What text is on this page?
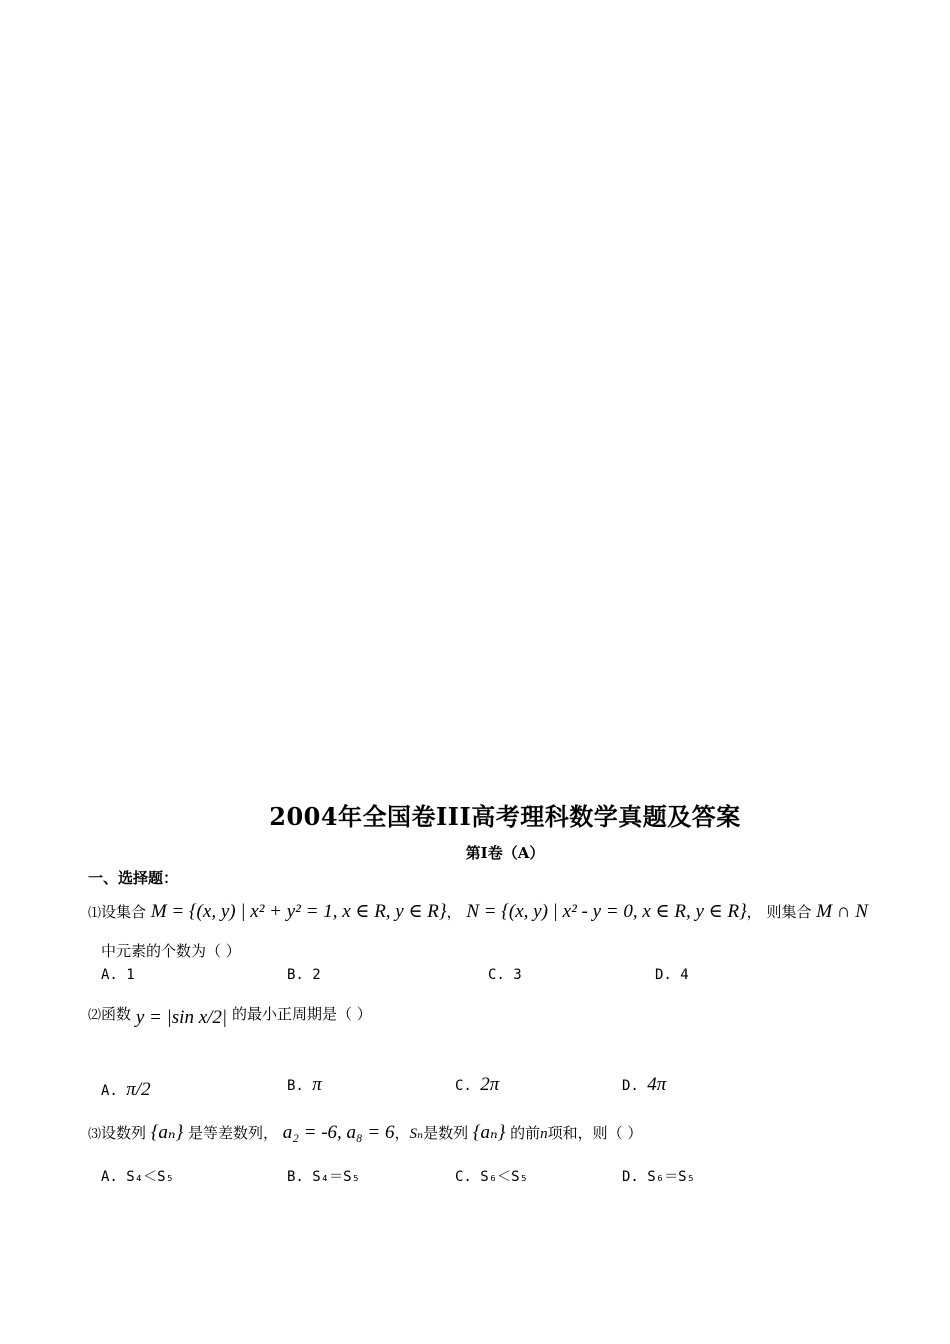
2004年全国卷III高考理科数学真题及答案
第I卷（A）
一、选择题：
⑴设集合 M = {(x, y) | x² + y² = 1, x ∈ R, y ∈ R}， N = {(x, y) | x² - y = 0, x ∈ R, y ∈ R}， 则集合 M ∩ N
中元素的个数为（ ）
A. 1	B. 2	C. 3	D. 4
⑵函数 y = |sin x/2| 的最小正周期是（ ）
A. π/2	B. π	C. 2π	D. 4π
⑶设数列 {aₙ} 是等差数列， a₂ = -6, a₈ = 6，Sₙ是数列 {aₙ} 的前n项和，则（ ）
A. S₄＜S₅	B. S₄＝S₅	C. S₆＜S₅	D. S₆＝S₅
